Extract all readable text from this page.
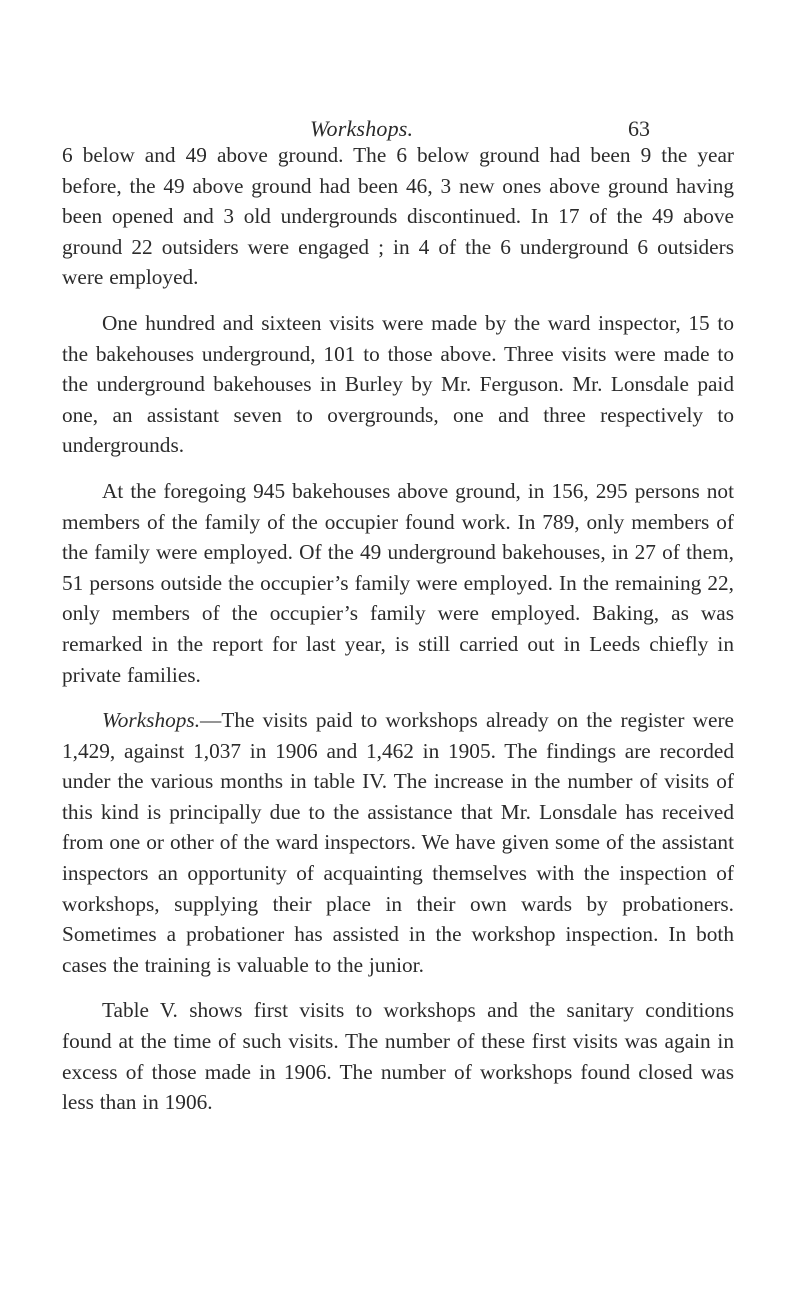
Workshops.	63

6 below and 49 above ground. The 6 below ground had been 9 the year before, the 49 above ground had been 46, 3 new ones above ground having been opened and 3 old undergrounds discontinued. In 17 of the 49 above ground 22 outsiders were engaged ; in 4 of the 6 underground 6 outsiders were employed.

One hundred and sixteen visits were made by the ward inspector, 15 to the bakehouses underground, 101 to those above. Three visits were made to the underground bakehouses in Burley by Mr. Ferguson. Mr. Lonsdale paid one, an assistant seven to overgrounds, one and three respectively to undergrounds.

At the foregoing 945 bakehouses above ground, in 156, 295 persons not members of the family of the occupier found work. In 789, only members of the family were employed. Of the 49 underground bakehouses, in 27 of them, 51 persons outside the occupier’s family were employed. In the remaining 22, only members of the occupier’s family were employed. Baking, as was remarked in the report for last year, is still carried out in Leeds chiefly in private families.

Workshops.—The visits paid to workshops already on the register were 1,429, against 1,037 in 1906 and 1,462 in 1905. The findings are recorded under the various months in table IV. The increase in the number of visits of this kind is principally due to the assistance that Mr. Lonsdale has received from one or other of the ward inspectors. We have given some of the assistant inspectors an opportunity of acquainting themselves with the inspection of workshops, supplying their place in their own wards by probationers. Sometimes a probationer has assisted in the workshop inspection. In both cases the training is valuable to the junior.

Table V. shows first visits to workshops and the sanitary conditions found at the time of such visits. The number of these first visits was again in excess of those made in 1906. The number of workshops found closed was less than in 1906.
